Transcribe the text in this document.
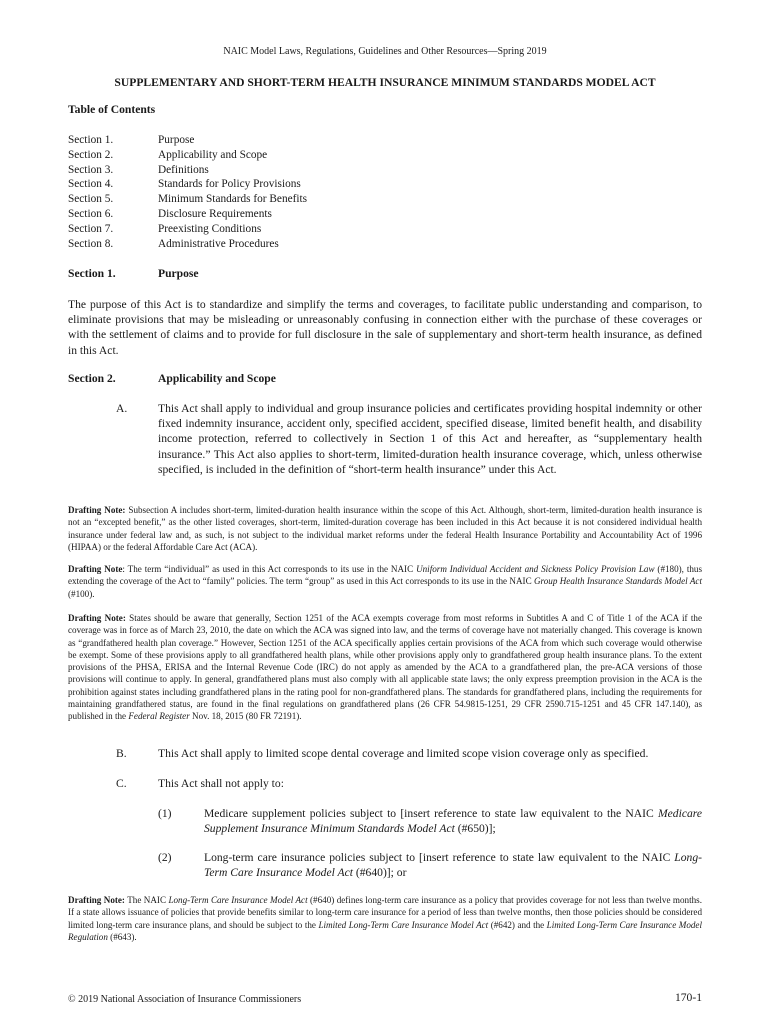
NAIC Model Laws, Regulations, Guidelines and Other Resources—Spring 2019
SUPPLEMENTARY AND SHORT-TERM HEALTH INSURANCE MINIMUM STANDARDS MODEL ACT
Table of Contents
Section 1.	Purpose
Section 2.	Applicability and Scope
Section 3.	Definitions
Section 4.	Standards for Policy Provisions
Section 5.	Minimum Standards for Benefits
Section 6.	Disclosure Requirements
Section 7.	Preexisting Conditions
Section 8.	Administrative Procedures
Section 1.	Purpose

The purpose of this Act is to standardize and simplify the terms and coverages, to facilitate public understanding and comparison, to eliminate provisions that may be misleading or unreasonably confusing in connection either with the purchase of these coverages or with the settlement of claims and to provide for full disclosure in the sale of supplementary and short-term health insurance, as defined in this Act.

Section 2.	Applicability and Scope
A.	This Act shall apply to individual and group insurance policies and certificates providing hospital indemnity or other fixed indemnity insurance, accident only, specified accident, specified disease, limited benefit health, and disability income protection, referred to collectively in Section 1 of this Act and hereafter, as “supplementary health insurance.” This Act also applies to short-term, limited-duration health insurance coverage, which, unless otherwise specified, is included in the definition of “short-term health insurance” under this Act.

Drafting Note: Subsection A includes short-term, limited-duration health insurance within the scope of this Act. Although, short-term, limited-duration health insurance is not an “excepted benefit,” as the other listed coverages, short-term, limited-duration coverage has been included in this Act because it is not considered individual health insurance under federal law and, as such, is not subject to the individual market reforms under the federal Health Insurance Portability and Accountability Act of 1996 (HIPAA) or the federal Affordable Care Act (ACA).

Drafting Note: The term “individual” as used in this Act corresponds to its use in the NAIC Uniform Individual Accident and Sickness Policy Provision Law (#180), thus extending the coverage of the Act to “family” policies. The term “group” as used in this Act corresponds to its use in the NAIC Group Health Insurance Standards Model Act (#100).

Drafting Note: States should be aware that generally, Section 1251 of the ACA exempts coverage from most reforms in Subtitles A and C of Title 1 of the ACA if the coverage was in force as of March 23, 2010, the date on which the ACA was signed into law, and the terms of coverage have not materially changed. This coverage is known as “grandfathered health plan coverage.” However, Section 1251 of the ACA specifically applies certain provisions of the ACA from which such coverage would otherwise be exempt. Some of these provisions apply to all grandfathered health plans, while other provisions apply only to grandfathered group health insurance plans. To the extent provisions of the PHSA, ERISA and the Internal Revenue Code (IRC) do not apply as amended by the ACA to a grandfathered plan, the pre-ACA versions of those provisions will continue to apply. In general, grandfathered plans must also comply with all applicable state laws; the only express preemption provision in the ACA is the prohibition against states including grandfathered plans in the rating pool for non-grandfathered plans. The standards for grandfathered plans, including the requirements for maintaining grandfathered status, are found in the final regulations on grandfathered plans (26 CFR 54.9815-1251, 29 CFR 2590.715-1251 and 45 CFR 147.140), as published in the Federal Register Nov. 18, 2015 (80 FR 72191).

B.	This Act shall apply to limited scope dental coverage and limited scope vision coverage only as specified.

C.	This Act shall not apply to:

(1)	Medicare supplement policies subject to [insert reference to state law equivalent to the NAIC Medicare Supplement Insurance Minimum Standards Model Act (#650)];

(2)	Long-term care insurance policies subject to [insert reference to state law equivalent to the NAIC Long-Term Care Insurance Model Act (#640)]; or

Drafting Note: The NAIC Long-Term Care Insurance Model Act (#640) defines long-term care insurance as a policy that provides coverage for not less than twelve months. If a state allows issuance of policies that provide benefits similar to long-term care insurance for a period of less than twelve months, then those policies should be considered limited long-term care insurance plans, and should be subject to the Limited Long-Term Care Insurance Model Act (#642) and the Limited Long-Term Care Insurance Model Regulation (#643).

© 2019 National Association of Insurance Commissioners	170-1
